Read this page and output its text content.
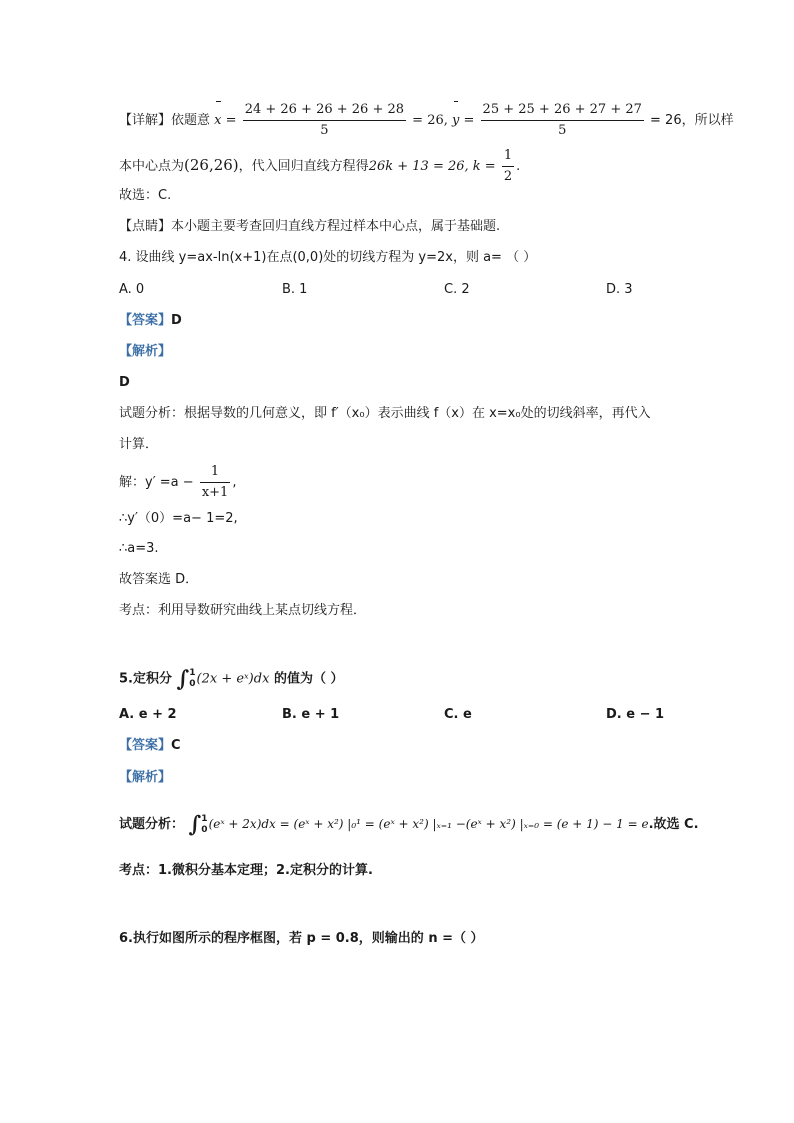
【详解】依题意 $x = \frac{24 + 26 + 26 + 26 + 28}{5} = 26$, $y = \frac{25 + 25 + 26 + 27 + 27}{5} = 26$，所以样
本中心点为(26,26)，代入回归直线方程得26k + 13 = 26, $k = \frac{1}{2}$ .
故选：C.
【点睛】本小题主要考查回归直线方程过样本中心点，属于基础题.
4. 设曲线 y=ax-ln(x+1)在点(0,0)处的切线方程为 y=2x，则 a= （ ）
A. 0	B. 1	C. 2	D. 3
【答案】D
【解析】
D
试题分析：根据导数的几何意义，即 f′（x₀）表示曲线 f（x）在 x=x₀处的切线斜率，再代入
计算．
解：$y' =a - \frac{1}{x+1}$ ,
∴y′（0）=a− 1=2,
∴a=3.
故答案选 D．
考点：利用导数研究曲线上某点切线方程．
5.定积分 ∫ 1
0 (2x + eˣ)dx 的值为（ ）
A. e + 2	B. e + 1	C. e	D. e − 1
【答案】C
【解析】
试题分析： ∫ 1
0 (eˣ + 2x)dx = (eˣ + x²) |₀¹ = (eˣ + x²) |ₓ₌₁ −(eˣ + x²) |ₓ₌₀ = (e + 1) − 1 = e.故选 C.
考点：1.微积分基本定理；2.定积分的计算.
6.执行如图所示的程序框图，若 p = 0.8，则输出的 n =（ ）
